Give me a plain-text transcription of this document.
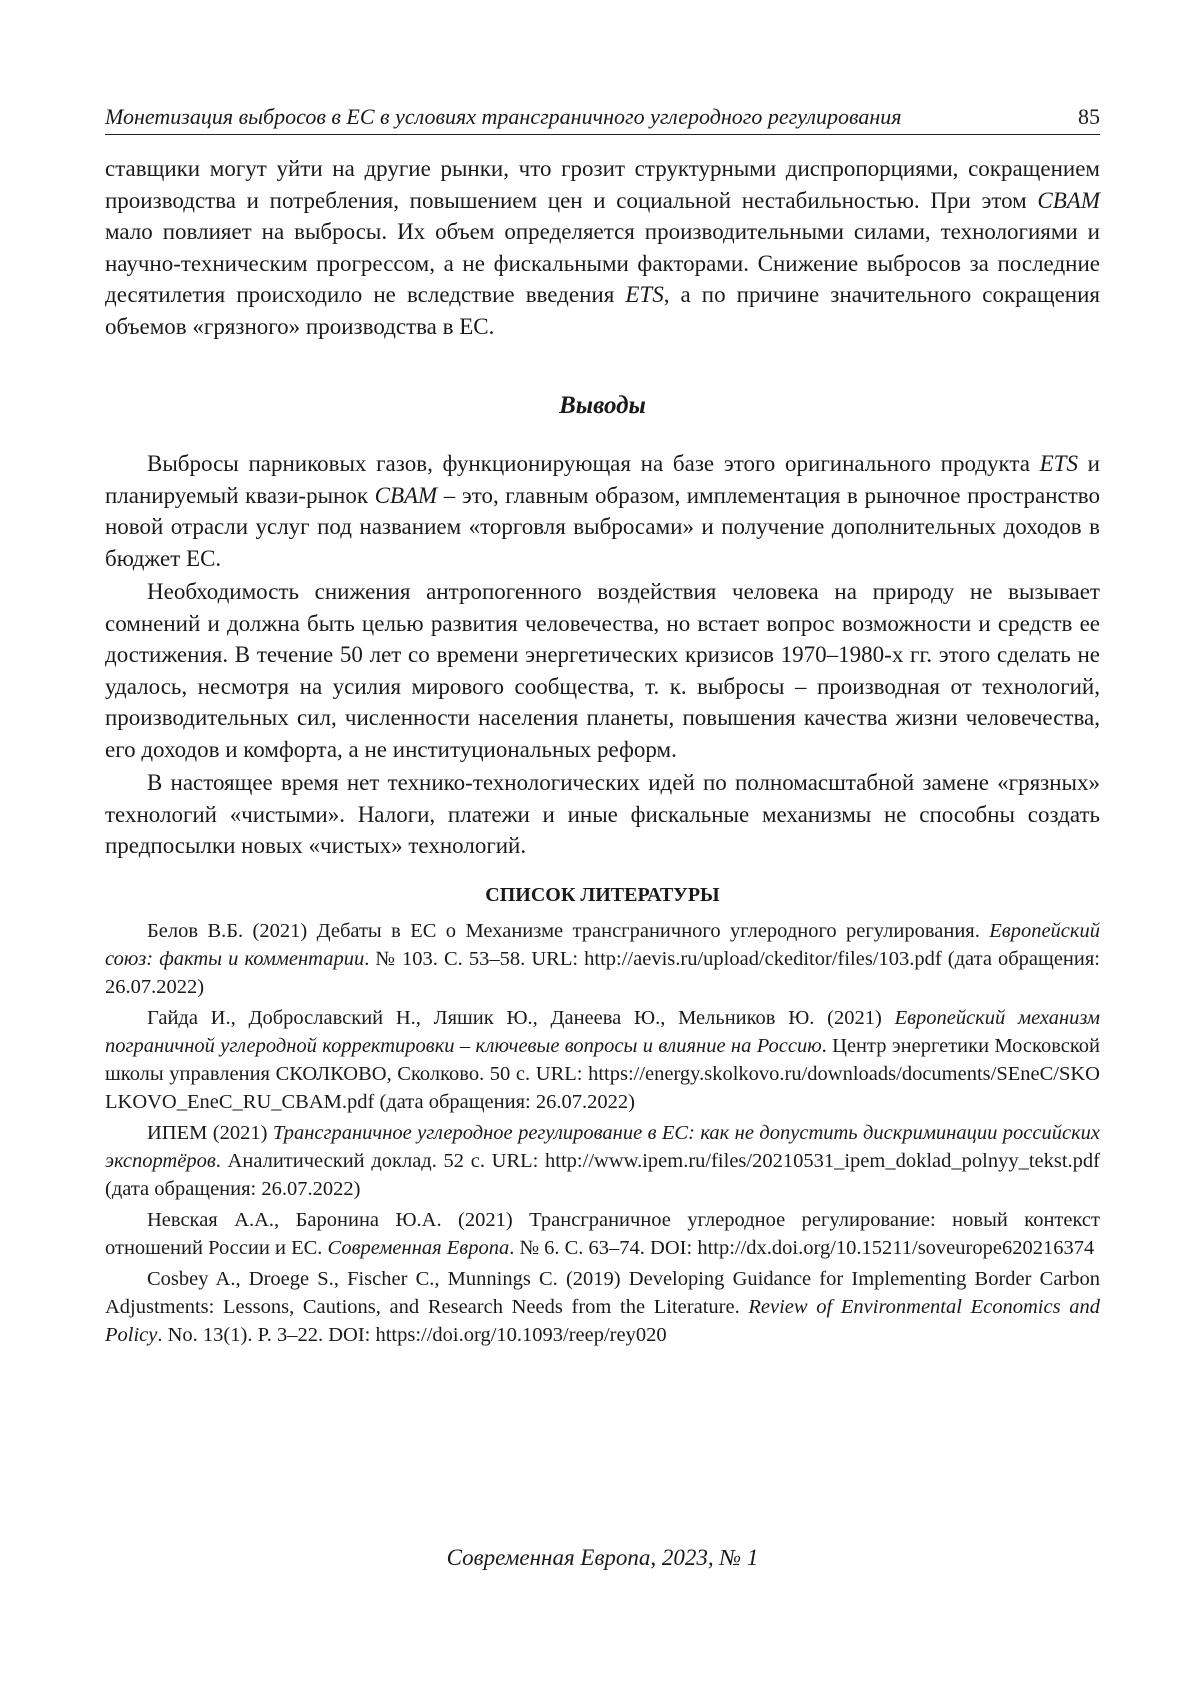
Монетизация выбросов в ЕС в условиях трансграничного углеродного регулирования	85

ставщики могут уйти на другие рынки, что грозит структурными диспропорциями, сокращением производства и потребления, повышением цен и социальной нестабильностью. При этом CBAM мало повлияет на выбросы. Их объем определяется производительными силами, технологиями и научно-техническим прогрессом, а не фискальными факторами. Снижение выбросов за последние десятилетия происходило не вследствие введения ETS, а по причине значительного сокращения объемов «грязного» производства в ЕС.

Выводы

Выбросы парниковых газов, функционирующая на базе этого оригинального продукта ETS и планируемый квази-рынок CBAM – это, главным образом, имплементация в рыночное пространство новой отрасли услуг под названием «торговля выбросами» и получение дополнительных доходов в бюджет ЕС.

Необходимость снижения антропогенного воздействия человека на природу не вызывает сомнений и должна быть целью развития человечества, но встает вопрос возможности и средств ее достижения. В течение 50 лет со времени энергетических кризисов 1970–1980-х гг. этого сделать не удалось, несмотря на усилия мирового сообщества, т. к. выбросы – производная от технологий, производительных сил, численности населения планеты, повышения качества жизни человечества, его доходов и комфорта, а не институциональных реформ.

В настоящее время нет технико-технологических идей по полномасштабной замене «грязных» технологий «чистыми». Налоги, платежи и иные фискальные механизмы не способны создать предпосылки новых «чистых» технологий.

СПИСОК ЛИТЕРАТУРЫ

Белов В.Б. (2021) Дебаты в ЕС о Механизме трансграничного углеродного регулирования. Европейский союз: факты и комментарии. № 103. С. 53–58. URL: http://aevis.ru/upload/ckeditor/files/103.pdf (дата обращения: 26.07.2022)

Гайда И., Доброславский Н., Ляшик Ю., Данеева Ю., Мельников Ю. (2021) Европейский механизм пограничной углеродной корректировки – ключевые вопросы и влияние на Россию. Центр энергетики Московской школы управления СКОЛКОВО, Сколково. 50 с. URL: https://energy.skolkovo.ru/downloads/documents/SEneC/SKOLKOVO_EneC_RU_CBAM.pdf (дата обращения: 26.07.2022)

ИПЕМ (2021) Трансграничное углеродное регулирование в ЕС: как не допустить дискриминации российских экспортёров. Аналитический доклад. 52 с. URL: http://www.ipem.ru/files/20210531_ipem_doklad_polnyy_tekst.pdf (дата обращения: 26.07.2022)

Невская А.А., Баронина Ю.А. (2021) Трансграничное углеродное регулирование: новый контекст отношений России и ЕС. Современная Европа. № 6. С. 63–74. DOI: http://dx.doi.org/10.15211/soveurope620216374

Cosbey A., Droege S., Fischer C., Munnings C. (2019) Developing Guidance for Implementing Border Carbon Adjustments: Lessons, Cautions, and Research Needs from the Literature. Review of Environmental Economics and Policy. No. 13(1). P. 3–22. DOI: https://doi.org/10.1093/reep/rey020

Современная Европа, 2023, № 1
